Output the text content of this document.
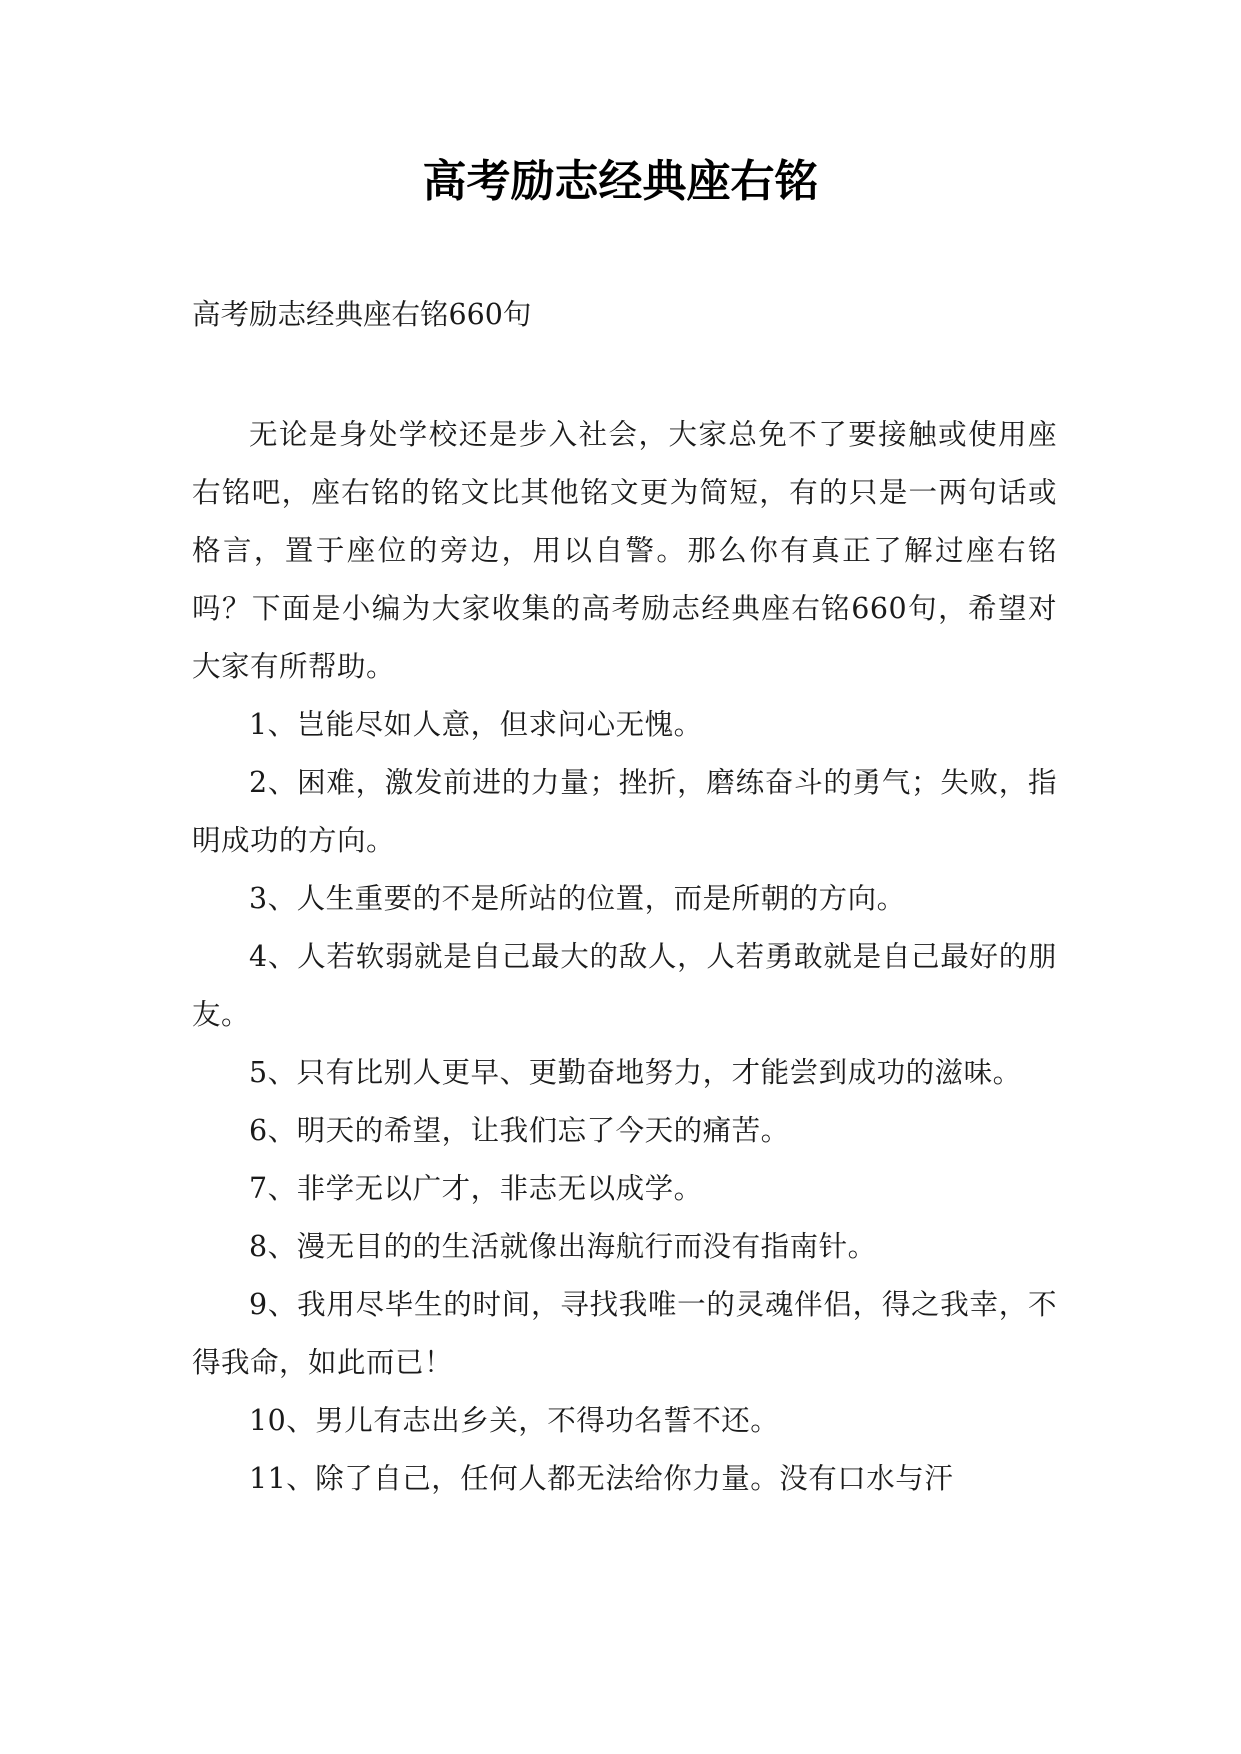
高考励志经典座右铭

高考励志经典座右铭660句

无论是身处学校还是步入社会，大家总免不了要接触或使用座右铭吧，座右铭的铭文比其他铭文更为简短，有的只是一两句话或格言，置于座位的旁边，用以自警。那么你有真正了解过座右铭吗？下面是小编为大家收集的高考励志经典座右铭660句，希望对大家有所帮助。

1、岂能尽如人意，但求问心无愧。

2、困难，激发前进的力量；挫折，磨练奋斗的勇气；失败，指明成功的方向。

3、人生重要的不是所站的位置，而是所朝的方向。

4、人若软弱就是自己最大的敌人，人若勇敢就是自己最好的朋友。

5、只有比别人更早、更勤奋地努力，才能尝到成功的滋味。

6、明天的希望，让我们忘了今天的痛苦。

7、非学无以广才，非志无以成学。

8、漫无目的的生活就像出海航行而没有指南针。

9、我用尽毕生的时间，寻找我唯一的灵魂伴侣，得之我幸，不得我命，如此而已！

10、男儿有志出乡关，不得功名誓不还。

11、除了自己，任何人都无法给你力量。没有口水与汗
